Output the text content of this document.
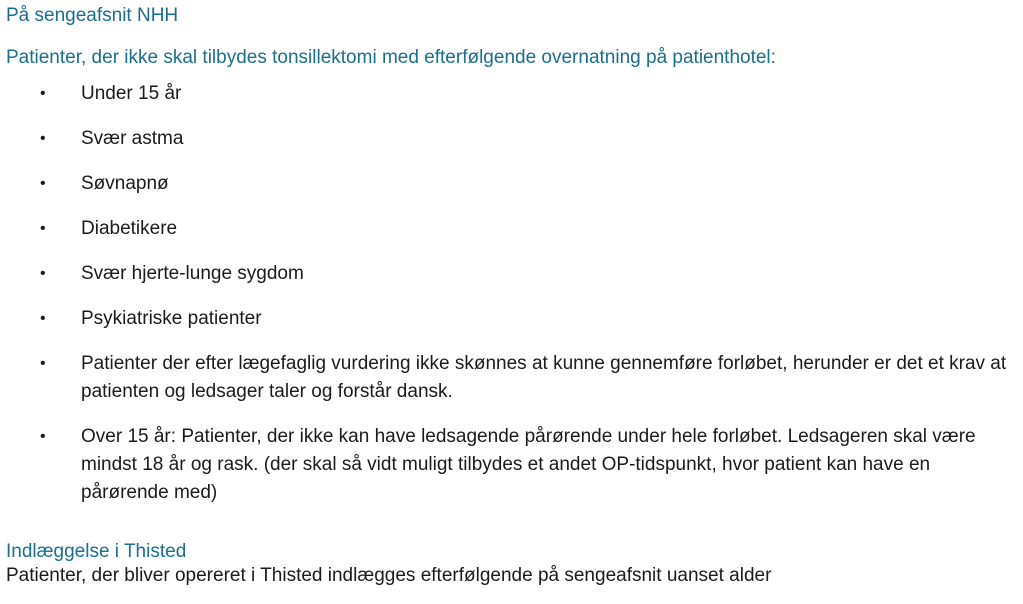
På sengeafsnit NHH

Patienter, der ikke skal tilbydes tonsillektomi med efterfølgende overnatning på patienthotel:

• Under 15 år
• Svær astma
• Søvnapnø
• Diabetikere
• Svær hjerte-lunge sygdom
• Psykiatriske patienter
• Patienter der efter lægefaglig vurdering ikke skønnes at kunne gennemføre forløbet, herunder er det et krav at patienten og ledsager taler og forstår dansk.
• Over 15 år: Patienter, der ikke kan have ledsagende pårørende under hele forløbet. Ledsageren skal være mindst 18 år og rask. (der skal så vidt muligt tilbydes et andet OP-tidspunkt, hvor patient kan have en pårørende med)
Indlæggelse i Thisted

Patienter, der bliver opereret i Thisted indlægges efterfølgende på sengeafsnit uanset alder
